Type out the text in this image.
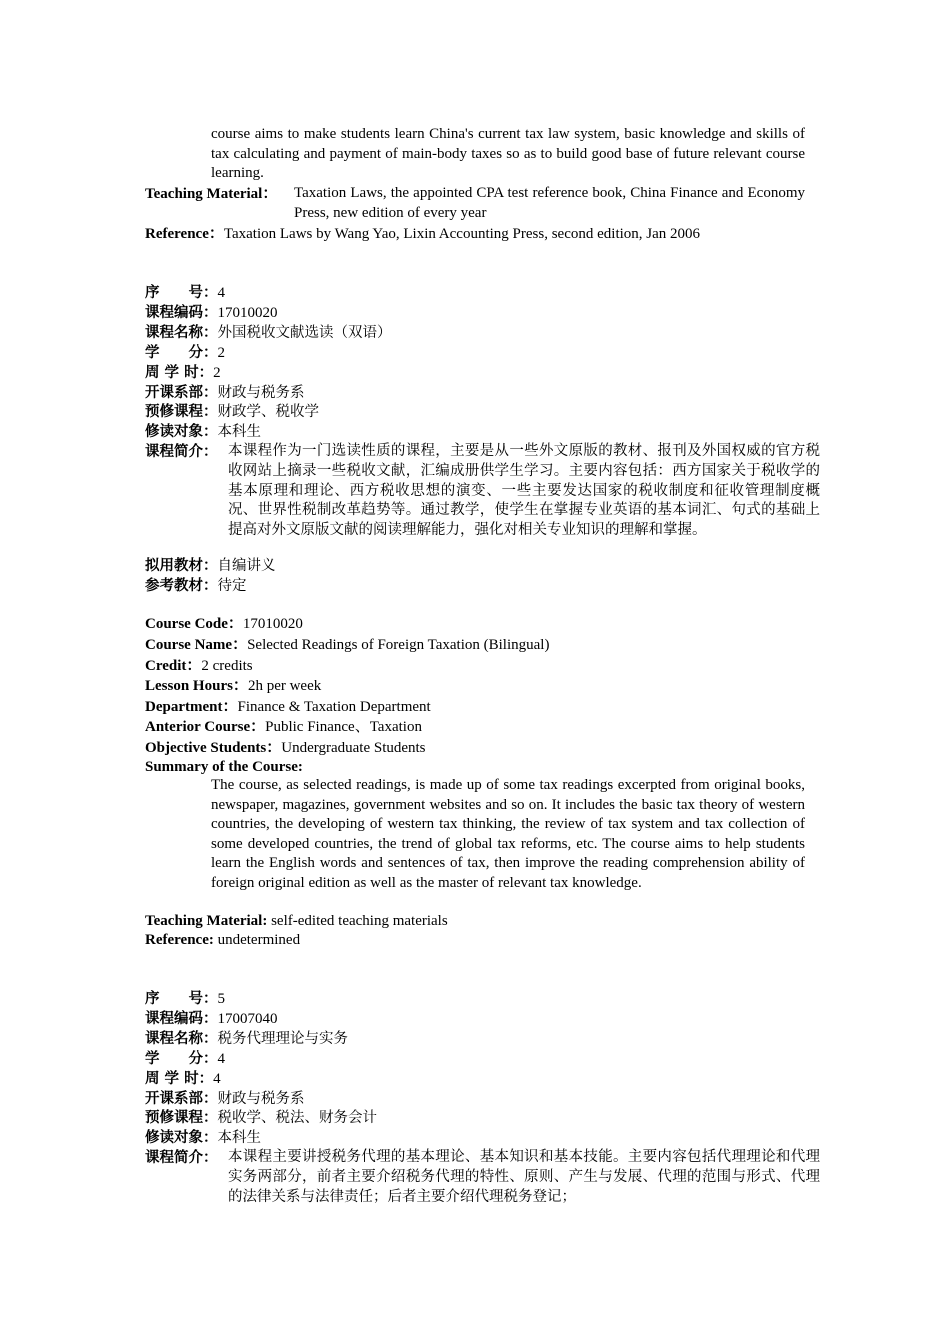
course aims to make students learn China's current tax law system, basic knowledge and skills of tax calculating and payment of main-body taxes so as to build good base of future relevant course learning.
Teaching Material： Taxation Laws, the appointed CPA test reference book, China Finance and Economy Press, new edition of every year
Reference：Taxation Laws by Wang Yao, Lixin Accounting Press, second edition, Jan 2006
序　　号：4
课程编码：17010020
课程名称：外国税收文献选读（双语）
学　　分：2
周 学 时：2
开课系部：财政与税务系
预修课程：财政学、税收学
修读对象：本科生
课程简介： 本课程作为一门选读性质的课程，主要是从一些外文原版的教材、报刊及外国权威的官方税收网站上摘录一些税收文献，汇编成册供学生学习。主要内容包括：西方国家关于税收学的基本原理和理论、西方税收思想的演变、一些主要发达国家的税收制度和征收管理制度概况、世界性税制改革趋势等。通过教学，使学生在掌握专业英语的基本词汇、句式的基础上提高对外文原版文献的阅读理解能力，强化对相关专业知识的理解和掌握。
拟用教材：自编讲义
参考教材：待定
Course Code：17010020
Course Name：Selected Readings of Foreign Taxation (Bilingual)
Credit：2 credits
Lesson Hours：2h per week
Department：Finance & Taxation Department
Anterior Course：Public Finance、Taxation
Objective Students：Undergraduate Students
Summary of the Course:
The course, as selected readings, is made up of some tax readings excerpted from original books, newspaper, magazines, government websites and so on. It includes the basic tax theory of western countries, the developing of western tax thinking, the review of tax system and tax collection of some developed countries, the trend of global tax reforms, etc. The course aims to help students learn the English words and sentences of tax, then improve the reading comprehension ability of foreign original edition as well as the master of relevant tax knowledge.
Teaching Material: self-edited teaching materials
Reference: undetermined
序　　号：5
课程编码：17007040
课程名称：税务代理理论与实务
学　　分：4
周 学 时：4
开课系部：财政与税务系
预修课程：税收学、税法、财务会计
修读对象：本科生
课程简介： 本课程主要讲授税务代理的基本理论、基本知识和基本技能。主要内容包括代理理论和代理实务两部分，前者主要介绍税务代理的特性、原则、产生与发展、代理的范围与形式、代理的法律关系与法律责任；后者主要介绍代理税务登记；
